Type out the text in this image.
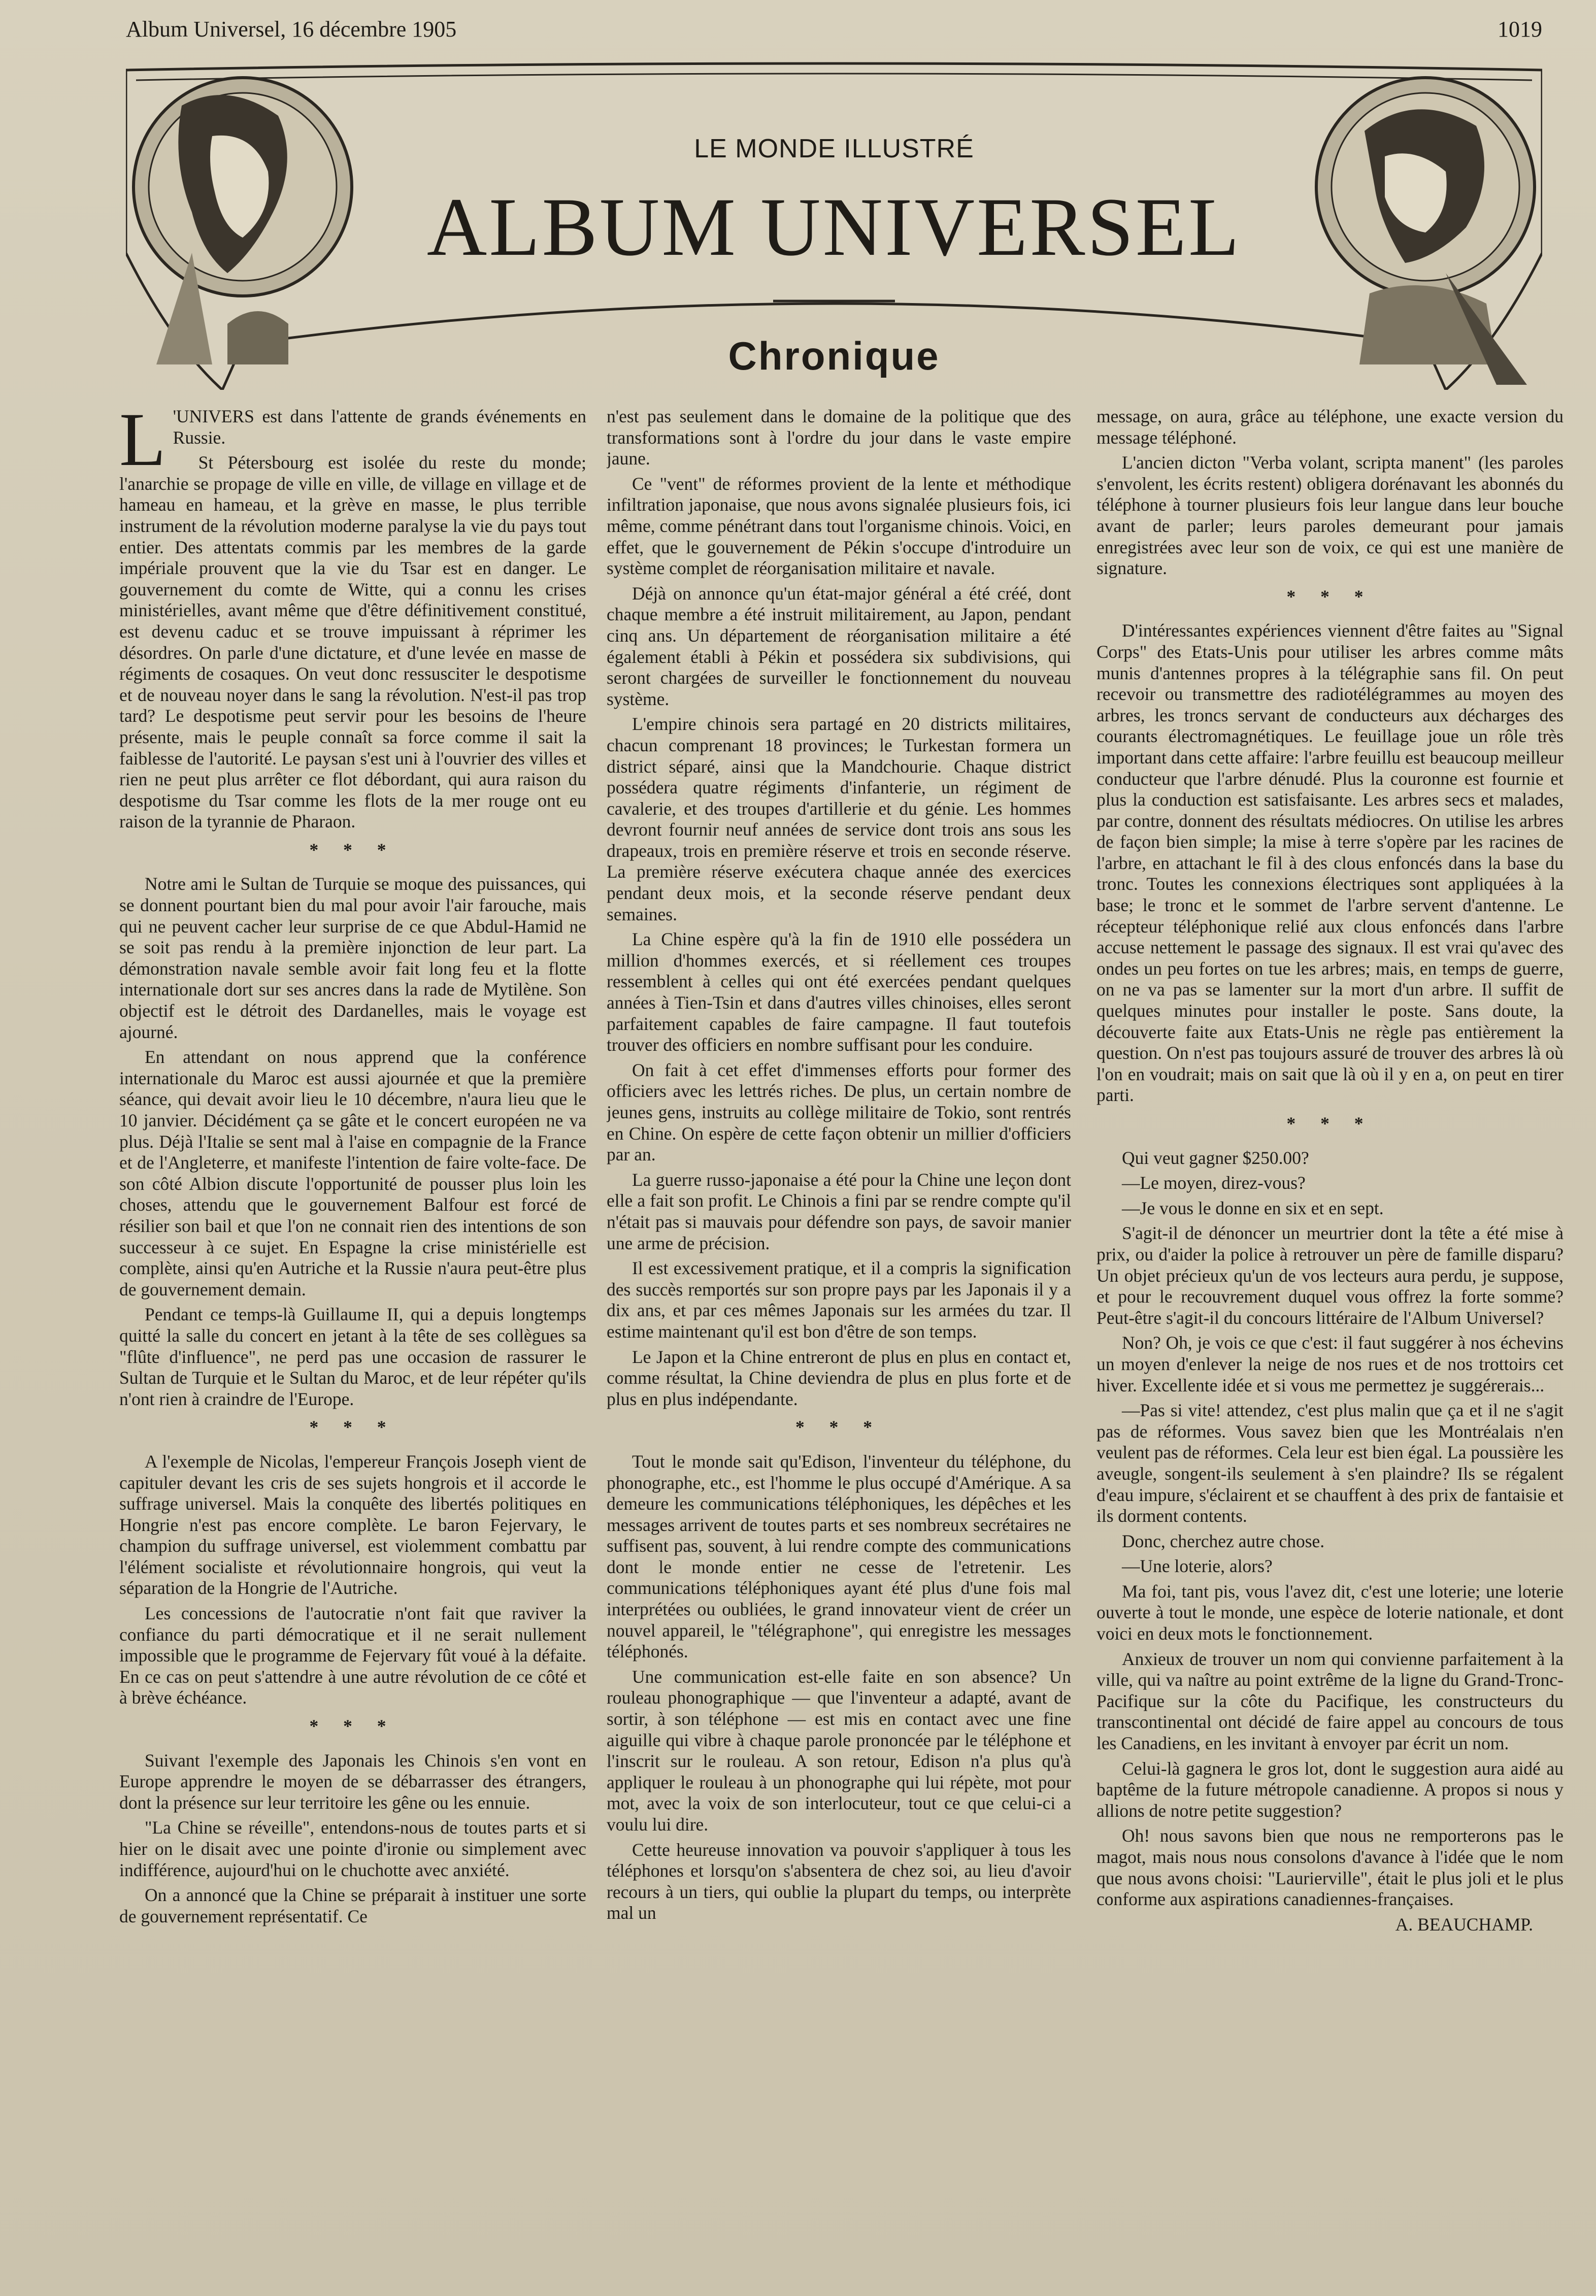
Album Universel, 16 décembre 1905	1019
LE MONDE ILLUSTRÉ
ALBUM UNIVERSEL
Chronique

L 'UNIVERS est dans l'attente de grands événements en Russie.

St Pétersbourg est isolée du reste du monde; l'anarchie se propage de ville en ville, de village en village et de hameau en hameau, et la grève en masse, le plus terrible instrument de la révolution moderne paralyse la vie du pays tout entier. Des attentats commis par les membres de la garde impériale prouvent que la vie du Tsar est en danger. Le gouvernement du comte de Witte, qui a connu les crises ministérielles, avant même que d'être définitivement constitué, est devenu caduc et se trouve impuissant à réprimer les désordres. On parle d'une dictature, et d'une levée en masse de régiments de cosaques. On veut donc ressusciter le despotisme et de nouveau noyer dans le sang la révolution. N'est-il pas trop tard? Le despotisme peut servir pour les besoins de l'heure présente, mais le peuple connaît sa force comme il sait la faiblesse de l'autorité. Le paysan s'est uni à l'ouvrier des villes et rien ne peut plus arrêter ce flot débordant, qui aura raison du despotisme du Tsar comme les flots de la mer rouge ont eu raison de la tyrannie de Pharaon.

* * *

Notre ami le Sultan de Turquie se moque des puissances, qui se donnent pourtant bien du mal pour avoir l'air farouche, mais qui ne peuvent cacher leur surprise de ce que Abdul-Hamid ne se soit pas rendu à la première injonction de leur part. La démonstration navale semble avoir fait long feu et la flotte internationale dort sur ses ancres dans la rade de Mytilène. Son objectif est le détroit des Dardanelles, mais le voyage est ajourné.

En attendant on nous apprend que la conférence internationale du Maroc est aussi ajournée et que la première séance, qui devait avoir lieu le 10 décembre, n'aura lieu que le 10 janvier. Décidément ça se gâte et le concert européen ne va plus. Déjà l'Italie se sent mal à l'aise en compagnie de la France et de l'Angleterre, et manifeste l'intention de faire volte-face. De son côté Albion discute l'opportunité de pousser plus loin les choses, attendu que le gouvernement Balfour est forcé de résilier son bail et que l'on ne connait rien des intentions de son successeur à ce sujet. En Espagne la crise ministérielle est complète, ainsi qu'en Autriche et la Russie n'aura peut-être plus de gouvernement demain.

Pendant ce temps-là Guillaume II, qui a depuis longtemps quitté la salle du concert en jetant à la tête de ses collègues sa "flûte d'influence", ne perd pas une occasion de rassurer le Sultan de Turquie et le Sultan du Maroc, et de leur répéter qu'ils n'ont rien à craindre de l'Europe.

* * *

A l'exemple de Nicolas, l'empereur François Joseph vient de capituler devant les cris de ses sujets hongrois et il accorde le suffrage universel. Mais la conquête des libertés politiques en Hongrie n'est pas encore complète. Le baron Fejervary, le champion du suffrage universel, est violemment combattu par l'élément socialiste et révolutionnaire hongrois, qui veut la séparation de la Hongrie de l'Autriche.

Les concessions de l'autocratie n'ont fait que raviver la confiance du parti démocratique et il ne serait nullement impossible que le programme de Fejervary fût voué à la défaite. En ce cas on peut s'attendre à une autre révolution de ce côté et à brève échéance.

* * *

Suivant l'exemple des Japonais les Chinois s'en vont en Europe apprendre le moyen de se débarrasser des étrangers, dont la présence sur leur territoire les gêne ou les ennuie.

"La Chine se réveille", entendons-nous de toutes parts et si hier on le disait avec une pointe d'ironie ou simplement avec indifférence, aujourd'hui on le chuchotte avec anxiété.

On a annoncé que la Chine se préparait à instituer une sorte de gouvernement représentatif. Ce

n'est pas seulement dans le domaine de la politique que des transformations sont à l'ordre du jour dans le vaste empire jaune.

Ce "vent" de réformes provient de la lente et méthodique infiltration japonaise, que nous avons signalée plusieurs fois, ici même, comme pénétrant dans tout l'organisme chinois. Voici, en effet, que le gouvernement de Pékin s'occupe d'introduire un système complet de réorganisation militaire et navale.

Déjà on annonce qu'un état-major général a été créé, dont chaque membre a été instruit militairement, au Japon, pendant cinq ans. Un département de réorganisation militaire a été également établi à Pékin et possédera six subdivisions, qui seront chargées de surveiller le fonctionnement du nouveau système.

L'empire chinois sera partagé en 20 districts militaires, chacun comprenant 18 provinces; le Turkestan formera un district séparé, ainsi que la Mandchourie. Chaque district possédera quatre régiments d'infanterie, un régiment de cavalerie, et des troupes d'artillerie et du génie. Les hommes devront fournir neuf années de service dont trois ans sous les drapeaux, trois en première réserve et trois en seconde réserve. La première réserve exécutera chaque année des exercices pendant deux mois, et la seconde réserve pendant deux semaines.

La Chine espère qu'à la fin de 1910 elle possédera un million d'hommes exercés, et si réellement ces troupes ressemblent à celles qui ont été exercées pendant quelques années à Tien-Tsin et dans d'autres villes chinoises, elles seront parfaitement capables de faire campagne. Il faut toutefois trouver des officiers en nombre suffisant pour les conduire.

On fait à cet effet d'immenses efforts pour former des officiers avec les lettrés riches. De plus, un certain nombre de jeunes gens, instruits au collège militaire de Tokio, sont rentrés en Chine. On espère de cette façon obtenir un millier d'officiers par an.

La guerre russo-japonaise a été pour la Chine une leçon dont elle a fait son profit. Le Chinois a fini par se rendre compte qu'il n'était pas si mauvais pour défendre son pays, de savoir manier une arme de précision.

Il est excessivement pratique, et il a compris la signification des succès remportés sur son propre pays par les Japonais il y a dix ans, et par ces mêmes Japonais sur les armées du tzar. Il estime maintenant qu'il est bon d'être de son temps.

Le Japon et la Chine entreront de plus en plus en contact et, comme résultat, la Chine deviendra de plus en plus forte et de plus en plus indépendante.

* * *

Tout le monde sait qu'Edison, l'inventeur du téléphone, du phonographe, etc., est l'homme le plus occupé d'Amérique. A sa demeure les communications téléphoniques, les dépêches et les messages arrivent de toutes parts et ses nombreux secrétaires ne suffisent pas, souvent, à lui rendre compte des communications dont le monde entier ne cesse de l'etretenir. Les communications téléphoniques ayant été plus d'une fois mal interprétées ou oubliées, le grand innovateur vient de créer un nouvel appareil, le "télégraphone", qui enregistre les messages téléphonés.

Une communication est-elle faite en son absence? Un rouleau phonographique — que l'inventeur a adapté, avant de sortir, à son téléphone — est mis en contact avec une fine aiguille qui vibre à chaque parole prononcée par le téléphone et l'inscrit sur le rouleau. A son retour, Edison n'a plus qu'à appliquer le rouleau à un phonographe qui lui répète, mot pour mot, avec la voix de son interlocuteur, tout ce que celui-ci a voulu lui dire.

Cette heureuse innovation va pouvoir s'appliquer à tous les téléphones et lorsqu'on s'absentera de chez soi, au lieu d'avoir recours à un tiers, qui oublie la plupart du temps, ou interprète mal un

message, on aura, grâce au téléphone, une exacte version du message téléphoné.

L'ancien dicton "Verba volant, scripta manent" (les paroles s'envolent, les écrits restent) obligera dorénavant les abonnés du téléphone à tourner plusieurs fois leur langue dans leur bouche avant de parler; leurs paroles demeurant pour jamais enregistrées avec leur son de voix, ce qui est une manière de signature.

* * *

D'intéressantes expériences viennent d'être faites au "Signal Corps" des Etats-Unis pour utiliser les arbres comme mâts munis d'antennes propres à la télégraphie sans fil. On peut recevoir ou transmettre des radiotélégrammes au moyen des arbres, les troncs servant de conducteurs aux décharges des courants électromagnétiques. Le feuillage joue un rôle très important dans cette affaire: l'arbre feuillu est beaucoup meilleur conducteur que l'arbre dénudé. Plus la couronne est fournie et plus la conduction est satisfaisante. Les arbres secs et malades, par contre, donnent des résultats médiocres. On utilise les arbres de façon bien simple; la mise à terre s'opère par les racines de l'arbre, en attachant le fil à des clous enfoncés dans la base du tronc. Toutes les connexions électriques sont appliquées à la base; le tronc et le sommet de l'arbre servent d'antenne. Le récepteur téléphonique relié aux clous enfoncés dans l'arbre accuse nettement le passage des signaux. Il est vrai qu'avec des ondes un peu fortes on tue les arbres; mais, en temps de guerre, on ne va pas se lamenter sur la mort d'un arbre. Il suffit de quelques minutes pour installer le poste. Sans doute, la découverte faite aux Etats-Unis ne règle pas entièrement la question. On n'est pas toujours assuré de trouver des arbres là où l'on en voudrait; mais on sait que là où il y en a, on peut en tirer parti.

* * *

Qui veut gagner $250.00?

—Le moyen, direz-vous?

—Je vous le donne en six et en sept.

S'agit-il de dénoncer un meurtrier dont la tête a été mise à prix, ou d'aider la police à retrouver un père de famille disparu? Un objet précieux qu'un de vos lecteurs aura perdu, je suppose, et pour le recouvrement duquel vous offrez la forte somme? Peut-être s'agit-il du concours littéraire de l'Album Universel?

Non? Oh, je vois ce que c'est: il faut suggérer à nos échevins un moyen d'enlever la neige de nos rues et de nos trottoirs cet hiver. Excellente idée et si vous me permettez je suggérerais...

—Pas si vite! attendez, c'est plus malin que ça et il ne s'agit pas de réformes. Vous savez bien que les Montréalais n'en veulent pas de réformes. Cela leur est bien égal. La poussière les aveugle, songent-ils seulement à s'en plaindre? Ils se régalent d'eau impure, s'éclairent et se chauffent à des prix de fantaisie et ils dorment contents.

Donc, cherchez autre chose.

—Une loterie, alors?

Ma foi, tant pis, vous l'avez dit, c'est une loterie; une loterie ouverte à tout le monde, une espèce de loterie nationale, et dont voici en deux mots le fonctionnement.

Anxieux de trouver un nom qui convienne parfaitement à la ville, qui va naître au point extrême de la ligne du Grand-Tronc-Pacifique sur la côte du Pacifique, les constructeurs du transcontinental ont décidé de faire appel au concours de tous les Canadiens, en les invitant à envoyer par écrit un nom.

Celui-là gagnera le gros lot, dont le suggestion aura aidé au baptême de la future métropole canadienne. A propos si nous y allions de notre petite suggestion?

Oh! nous savons bien que nous ne remporterons pas le magot, mais nous nous consolons d'avance à l'idée que le nom que nous avons choisi: "Laurierville", était le plus joli et le plus conforme aux aspirations canadiennes-françaises.

A. BEAUCHAMP.
